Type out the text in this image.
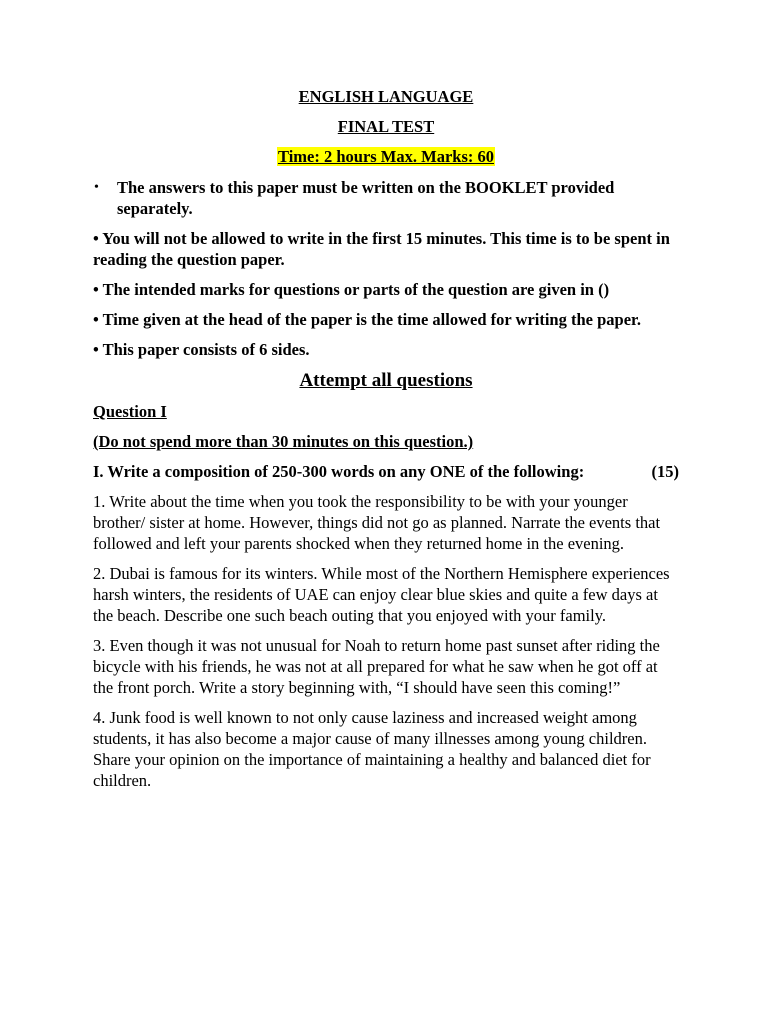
ENGLISH LANGUAGE
FINAL TEST
Time: 2 hours Max. Marks: 60
• The answers to this paper must be written on the BOOKLET provided separately.
• You will not be allowed to write in the first 15 minutes. This time is to be spent in reading the question paper.
• The intended marks for questions or parts of the question are given in ()
• Time given at the head of the paper is the time allowed for writing the paper.
• This paper consists of 6 sides.
Attempt all questions
Question I
(Do not spend more than 30 minutes on this question.)
I. Write a composition of 250-300 words on any ONE of the following:	(15)
1. Write about the time when you took the responsibility to be with your younger brother/ sister at home. However, things did not go as planned. Narrate the events that followed and left your parents shocked when they returned home in the evening.
2. Dubai is famous for its winters. While most of the Northern Hemisphere experiences harsh winters, the residents of UAE can enjoy clear blue skies and quite a few days at the beach. Describe one such beach outing that you enjoyed with your family.
3. Even though it was not unusual for Noah to return home past sunset after riding the bicycle with his friends, he was not at all prepared for what he saw when he got off at the front porch. Write a story beginning with, “I should have seen this coming!”
4. Junk food is well known to not only cause laziness and increased weight among students, it has also become a major cause of many illnesses among young children. Share your opinion on the importance of maintaining a healthy and balanced diet for children.
